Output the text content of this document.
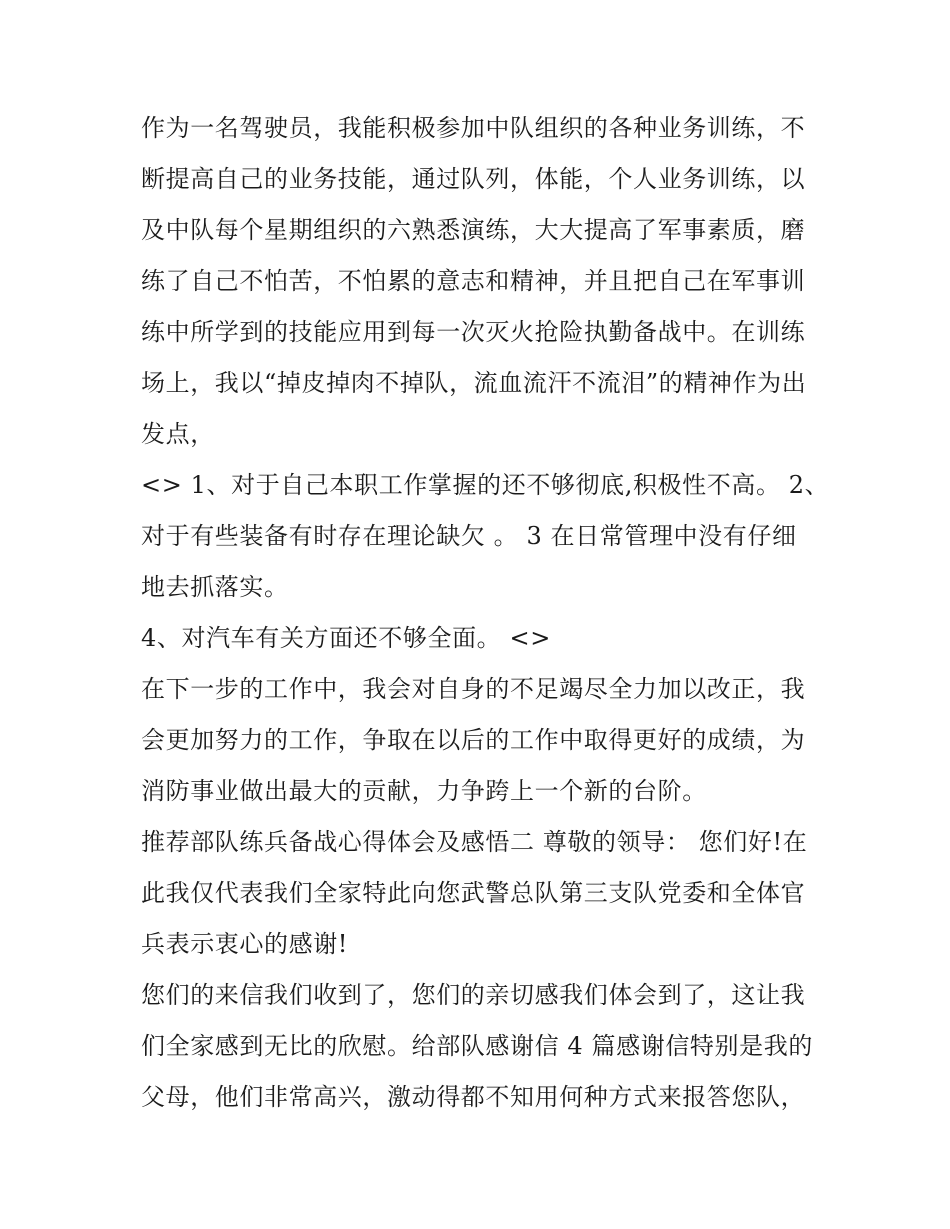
作为一名驾驶员，我能积极参加中队组织的各种业务训练，不
断提高自己的业务技能，通过队列，体能，个人业务训练，以
及中队每个星期组织的六熟悉演练，大大提高了军事素质，磨
练了自己不怕苦，不怕累的意志和精神，并且把自己在军事训
练中所学到的技能应用到每一次灭火抢险执勤备战中。在训练
场上，我以“掉皮掉肉不掉队，流血流汗不流泪”的精神作为出
发点，

<> 1、对于自己本职工作掌握的还不够彻底,积极性不高。 2、
对于有些装备有时存在理论缺欠 。 3 在日常管理中没有仔细
地去抓落实。

4、对汽车有关方面还不够全面。 <>

在下一步的工作中，我会对自身的不足竭尽全力加以改正，我
会更加努力的工作，争取在以后的工作中取得更好的成绩，为
消防事业做出最大的贡献，力争跨上一个新的台阶。

推荐部队练兵备战心得体会及感悟二 尊敬的领导： 您们好!在
此我仅代表我们全家特此向您武警总队第三支队党委和全体官
兵表示衷心的感谢!

您们的来信我们收到了，您们的亲切感我们体会到了，这让我
们全家感到无比的欣慰。给部队感谢信 4 篇感谢信特别是我的
父母，他们非常高兴，激动得都不知用何种方式来报答您队，
